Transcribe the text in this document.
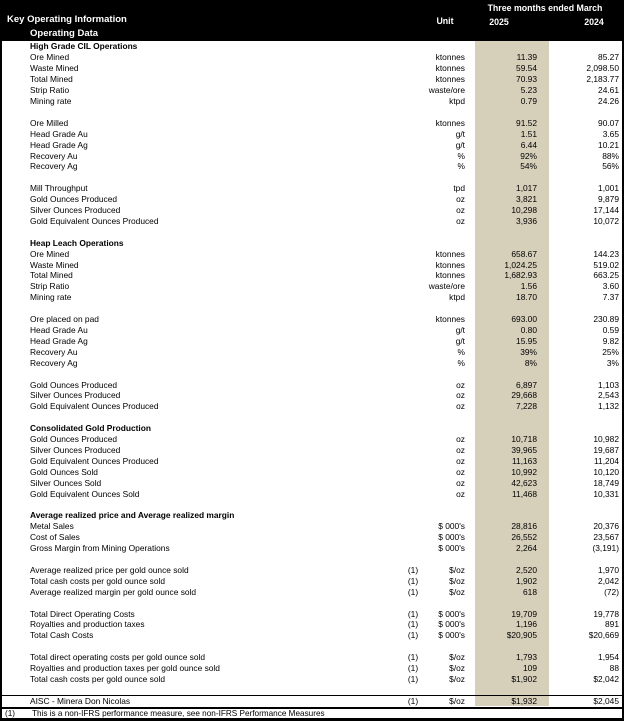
Key Operating Information
Operating Data
Three months ended March
Unit	2025	2024
High Grade CIL Operations
Ore Mined	ktonnes	11.39	85.27
Waste Mined	ktonnes	59.54	2,098.50
Total Mined	ktonnes	70.93	2,183.77
Strip Ratio	waste/ore	5.23	24.61
Mining rate	ktpd	0.79	24.26
Ore Milled	ktonnes	91.52	90.07
Head Grade Au	g/t	1.51	3.65
Head Grade Ag	g/t	6.44	10.21
Recovery Au	%	92%	88%
Recovery Ag	%	54%	56%
Mill Throughput	tpd	1,017	1,001
Gold Ounces Produced	oz	3,821	9,879
Silver Ounces Produced	oz	10,298	17,144
Gold Equivalent Ounces Produced	oz	3,936	10,072
Heap Leach Operations
Ore Mined	ktonnes	658.67	144.23
Waste Mined	ktonnes	1,024.25	519.02
Total Mined	ktonnes	1,682.93	663.25
Strip Ratio	waste/ore	1.56	3.60
Mining rate	ktpd	18.70	7.37
Ore placed on pad	ktonnes	693.00	230.89
Head Grade Au	g/t	0.80	0.59
Head Grade Ag	g/t	15.95	9.82
Recovery Au	%	39%	25%
Recovery Ag	%	8%	3%
Gold Ounces Produced	oz	6,897	1,103
Silver Ounces Produced	oz	29,668	2,543
Gold Equivalent Ounces Produced	oz	7,228	1,132
Consolidated Gold Production
Gold Ounces Produced	oz	10,718	10,982
Silver Ounces Produced	oz	39,965	19,687
Gold Equivalent Ounces Produced	oz	11,163	11,204
Gold Ounces Sold	oz	10,992	10,120
Silver Ounces Sold	oz	42,623	18,749
Gold Equivalent Ounces Sold	oz	11,468	10,331
Average realized price and Average realized margin
Metal Sales	$ 000's	28,816	20,376
Cost of Sales	$ 000's	26,552	23,567
Gross Margin from Mining Operations	$ 000's	2,264	(3,191)
Average realized price per gold ounce sold	(1)	$/oz	2,520	1,970
Total cash costs per gold ounce sold	(1)	$/oz	1,902	2,042
Average realized margin per gold ounce sold	(1)	$/oz	618	(72)
Total Direct Operating Costs	(1)	$ 000's	19,709	19,778
Royalties and production taxes	(1)	$ 000's	1,196	891
Total Cash Costs	(1)	$ 000's	$20,905	$20,669
Total direct operating costs per gold ounce sold	(1)	$/oz	1,793	1,954
Royalties and production taxes per gold ounce sold	(1)	$/oz	109	88
Total cash costs per gold ounce sold	(1)	$/oz	$1,902	$2,042
AISC - Minera Don Nicolas	(1)	$/oz	$1,932	$2,045
(1) This is a non-IFRS performance measure, see non-IFRS Performance Measures
